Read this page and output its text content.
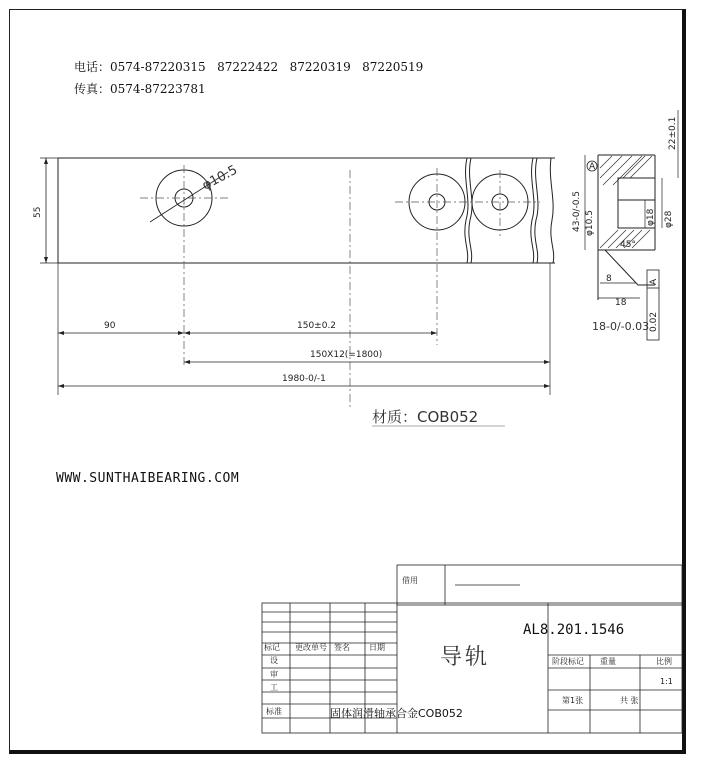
电话：0574-87220315   87222422   87220319   87220519
传真：0574-87223781
55
φ10.5
90	150±0.2
150X12(=1800)
1980-0/-1
材质：COB052
A
43-0/-0.5 φ10.5	φ28
φ18
22±0.1
45°
8
18
18-0/-0.03
A
0.02
借用
标记 更改单号 签名 日期
设
审
工
标准
阶段标记 重量	比例
1:1
第1张	共 张
WWW.SUNTHAIBEARING.COM
AL8.201.1546
导轨
固体润滑轴承合金COB052
